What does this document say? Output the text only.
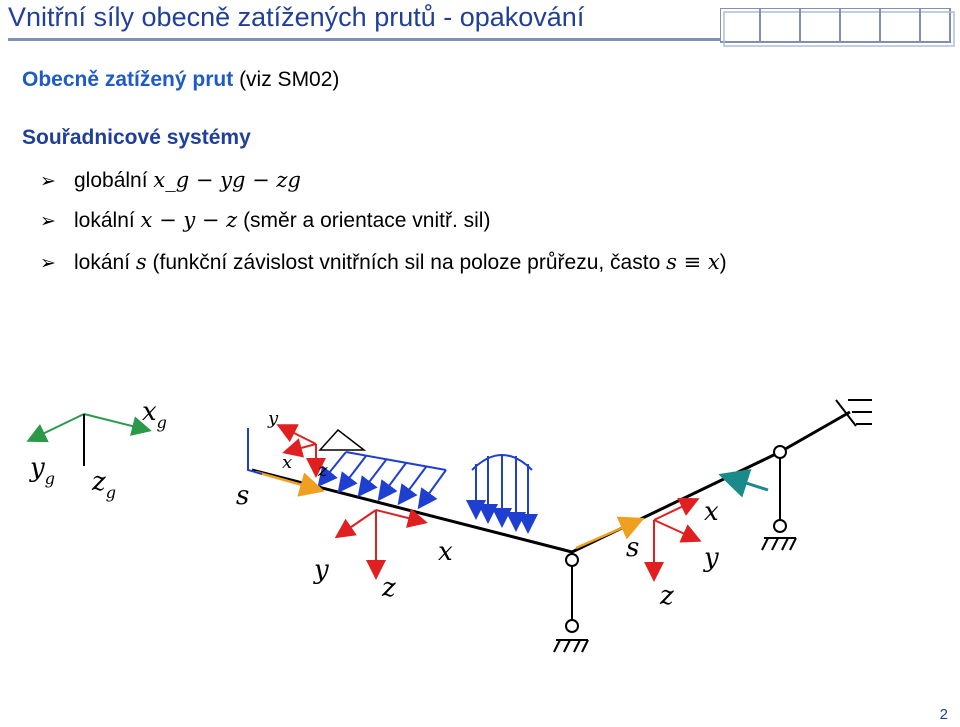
Vnitřní síly obecně zatížených prutů - opakování
Obecně zatížený prut (viz SM02)
Souřadnicové systémy
➢ globální x_g − yg − zg
➢ lokální x − y − z (směr a orientace vnitř. sil)
➢ lokání s (funkční závislost vnitřních sil na poloze průřezu, často s ≡ x)
$x_g$
$y_g$ $z_g$
y
x z
y
z
x
x
y
z
s
s
2
